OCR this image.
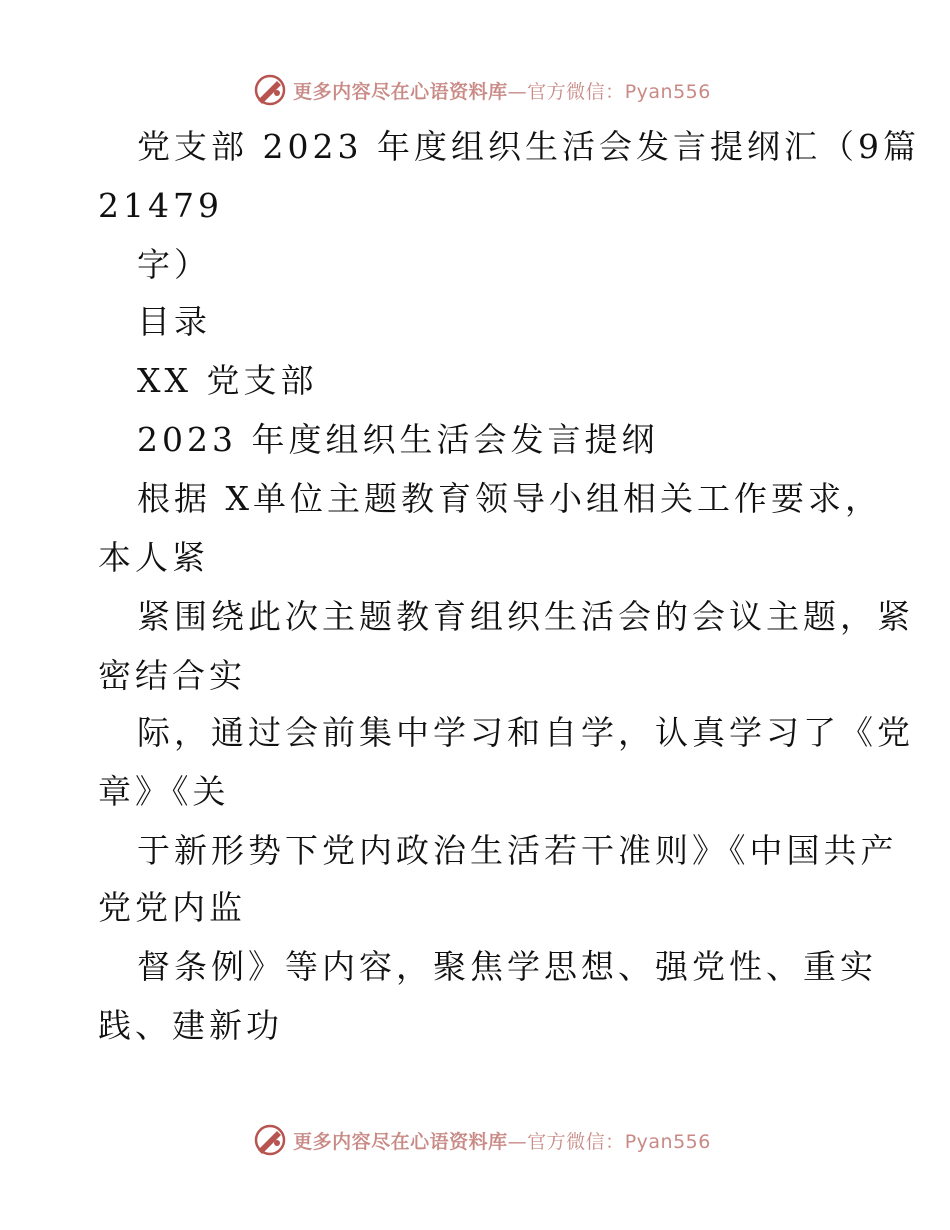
更多内容尽在心语资料库—官方微信：Pyan556
党支部 2023 年度组织生活会发言提纲汇（9篇
21479
字）
目录
XX 党支部
2023 年度组织生活会发言提纲
根据 X单位主题教育领导小组相关工作要求，
本人紧
紧围绕此次主题教育组织生活会的会议主题，紧
密结合实
际，通过会前集中学习和自学，认真学习了《党
章》《关
于新形势下党内政治生活若干准则》《中国共产
党党内监
督条例》等内容，聚焦学思想、强党性、重实
践、建新功
更多内容尽在心语资料库—官方微信：Pyan556
